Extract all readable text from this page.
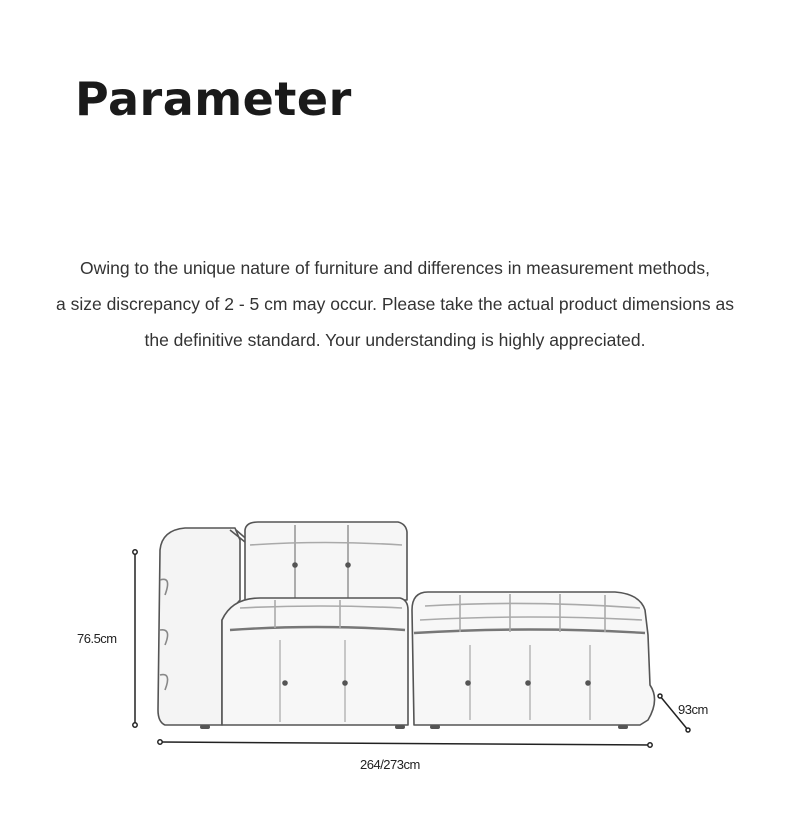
Parameter
Owing to the unique nature of furniture and differences in measurement methods,
a size discrepancy of 2 - 5 cm may occur. Please take the actual product dimensions as
the definitive standard. Your understanding is highly appreciated.
76.5cm
93cm
264/273cm
